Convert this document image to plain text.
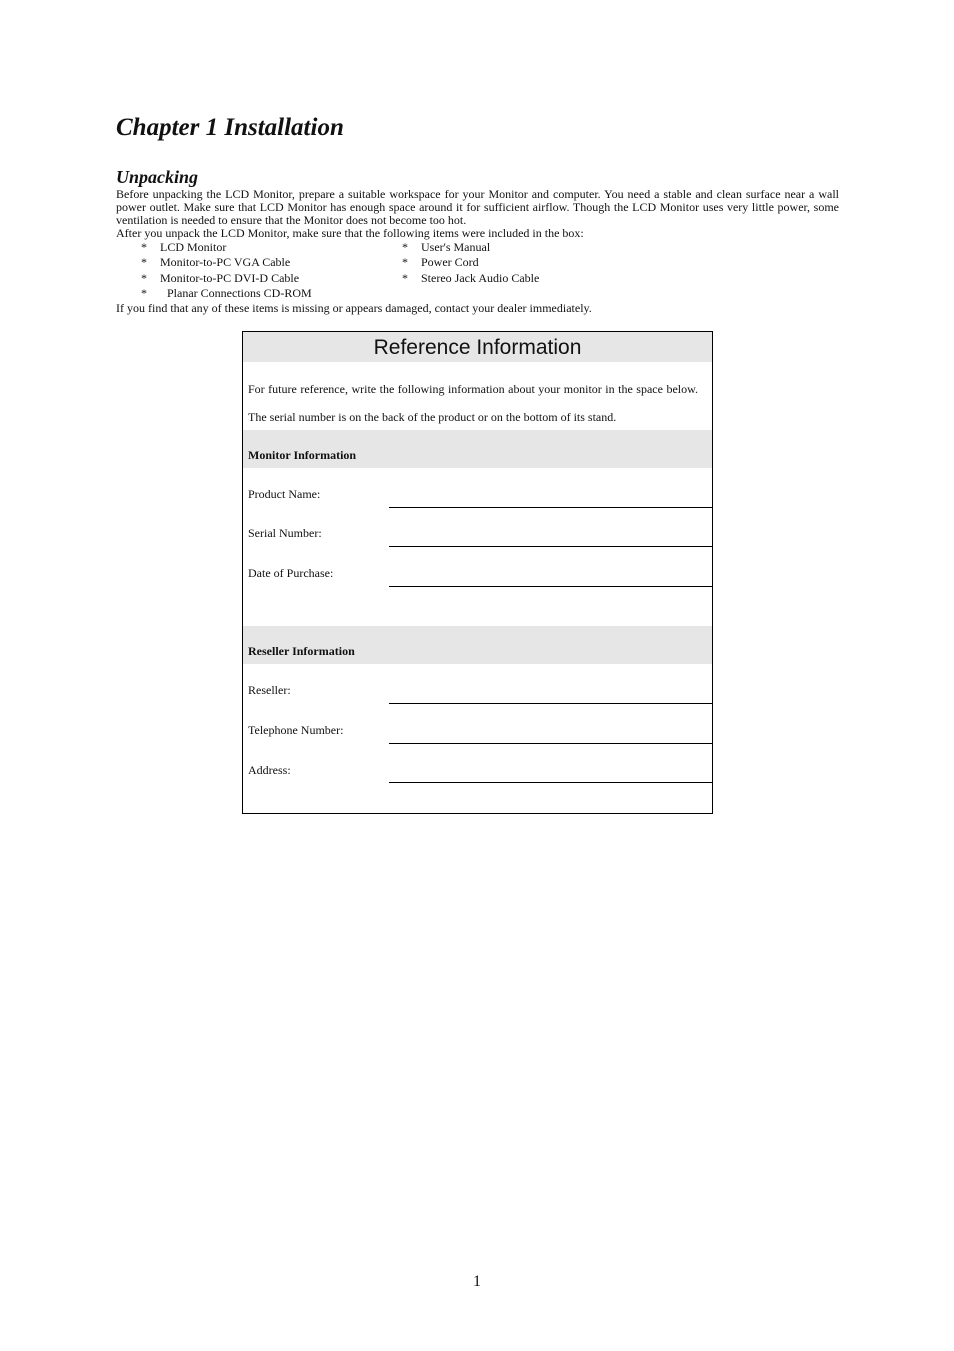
Chapter 1 Installation
Unpacking

Before unpacking the LCD Monitor, prepare a suitable workspace for your Monitor and computer. You need a stable and clean surface near a wall power outlet. Make sure that LCD Monitor has enough space around it for sufficient airflow. Though the LCD Monitor uses very little power, some ventilation is needed to ensure that the Monitor does not become too hot.

After you unpack the LCD Monitor, make sure that the following items were included in the box:

* LCD Monitor
* Monitor-to-PC VGA Cable
* Monitor-to-PC DVI-D Cable
* Planar Connections CD-ROM
* User's Manual
* Power Cord
* Stereo Jack Audio Cable

If you find that any of these items is missing or appears damaged, contact your dealer immediately.

Reference Information

For future reference, write the following information about your monitor in the space below.    The serial number is on the back of the product or on the bottom of its stand.

Monitor Information
Product Name:
Serial Number:
Date of Purchase:
Reseller Information
Reseller:
Telephone Number:
Address:
1
